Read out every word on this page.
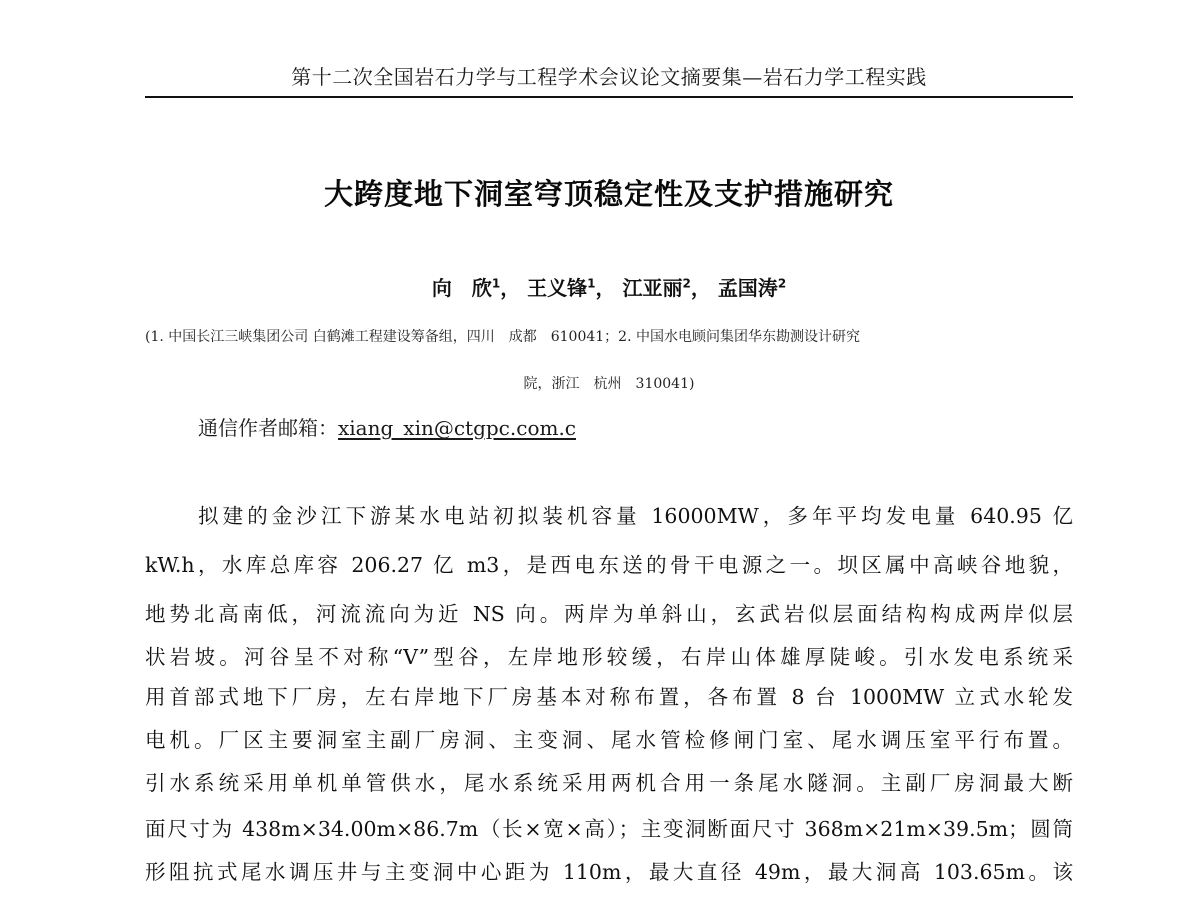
第十二次全国岩石力学与工程学术会议论文摘要集—岩石力学工程实践
大跨度地下洞室穹顶稳定性及支护措施研究
向　欣$^1$， 王义锋$^1$， 江亚丽$^2$， 孟国涛$^2$
(1. 中国长江三峡集团公司 白鹤滩工程建设筹备组，四川　成都　610041；2. 中国水电顾问集团华东勘测设计研究
院，浙江　杭州　310041)
通信作者邮箱：xiang_xin@ctgpc.com.c
拟建的金沙江下游某水电站初拟装机容量 16000MW，多年平均发电量 640.95 亿
kW.h，水库总库容 206.27 亿 m3，是西电东送的骨干电源之一。坝区属中高峡谷地貌，
地势北高南低，河流流向为近 NS 向。两岸为单斜山，玄武岩似层面结构构成两岸似层
状岩坡。河谷呈不对称“V”型谷，左岸地形较缓，右岸山体雄厚陡峻。引水发电系统采
用首部式地下厂房，左右岸地下厂房基本对称布置，各布置 8 台 1000MW 立式水轮发
电机。厂区主要洞室主副厂房洞、主变洞、尾水管检修闸门室、尾水调压室平行布置。
引水系统采用单机单管供水，尾水系统采用两机合用一条尾水隧洞。主副厂房洞最大断
面尺寸为 438m×34.00m×86.7m（长×宽×高）；主变洞断面尺寸 368m×21m×39.5m；圆筒
形阻抗式尾水调压井与主变洞中心距为 110m，最大直径 49m，最大洞高 103.65m。该
